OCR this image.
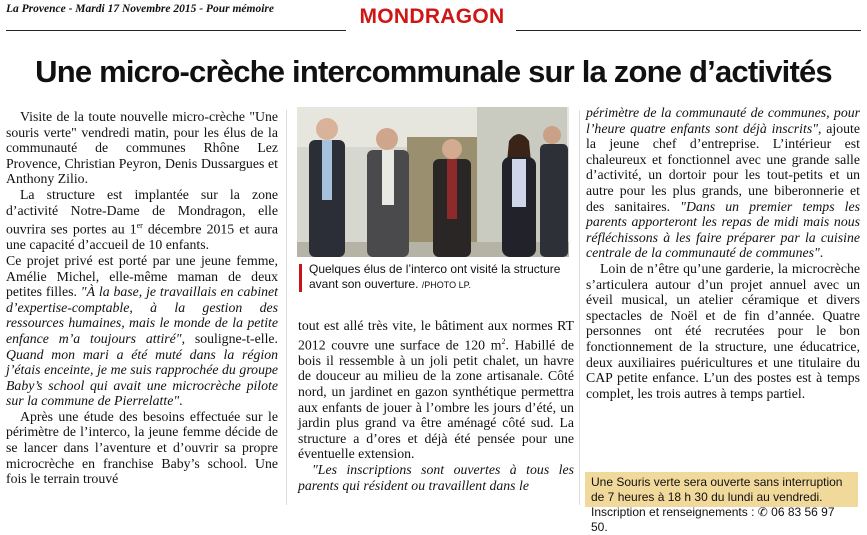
La Provence - Mardi 17 Novembre 2015 - Pour mémoire	MONDRAGON
Une micro-crèche intercommunale sur la zone d’activités

Visite de la toute nouvelle micro-crèche "Une souris verte" vendredi matin, pour les élus de la communauté de communes Rhône Lez Provence, Christian Peyron, Denis Dussargues et Anthony Zilio.

La structure est implantée sur la zone d’activité Notre-Dame de Mondragon, elle ouvrira ses portes au 1er décembre 2015 et aura une capacité d’accueil de 10 enfants.

Ce projet privé est porté par une jeune femme, Amélie Michel, elle-même maman de deux petites filles. "À la base, je travaillais en cabinet d’expertise-comptable, à la gestion des ressources humaines, mais le monde de la petite enfance m’a toujours attiré", souligne-t-elle. Quand mon mari a été muté dans la région j’étais enceinte, je me suis rapprochée du groupe Baby’s school qui avait une microcrèche pilote sur la commune de Pierrelatte".

Après une étude des besoins effectuée sur le périmètre de l’interco, la jeune femme décide de se lancer dans l’aventure et d’ouvrir sa propre microcrèche en franchise Baby’s school. Une fois le terrain trouvé

Quelques élus de l’interco ont visité la structure avant son ouverture. /PHOTO LP.

tout est allé très vite, le bâtiment aux normes RT 2012 couvre une surface de 120 $m^2$. Habillé de bois il ressemble à un joli petit chalet, un havre de douceur au milieu de la zone artisanale. Côté nord, un jardinet en gazon synthétique permettra aux enfants de jouer à l’ombre les jours d’été, un jardin plus grand va être aménagé côté sud. La structure a d’ores et déjà été pensée pour une éventuelle extension.

"Les inscriptions sont ouvertes à tous les parents qui résident ou travaillent dans le

périmètre de la communauté de communes, pour l’heure quatre enfants sont déjà inscrits", ajoute la jeune chef d’entreprise. L’intérieur est chaleureux et fonctionnel avec une grande salle d’activité, un dortoir pour les tout-petits et un autre pour les plus grands, une biberonnerie et des sanitaires. "Dans un premier temps les parents apporteront les repas de midi mais nous réfléchissons à les faire préparer par la cuisine centrale de la communauté de communes".

Loin de n’être qu’une garderie, la microcrèche s’articulera autour d’un projet annuel avec un éveil musical, un atelier céramique et divers spectacles de Noël et de fin d’année. Quatre personnes ont été recrutées pour le bon fonctionnement de la structure, une éducatrice, deux auxiliaires puéricultures et une titulaire du CAP petite enfance. L’un des postes est à temps complet, les trois autres à temps partiel.

Une Souris verte sera ouverte sans interruption de 7 heures à 18 h 30 du lundi au vendredi. Inscription et renseignements : ✆ 06 83 56 97 50.
